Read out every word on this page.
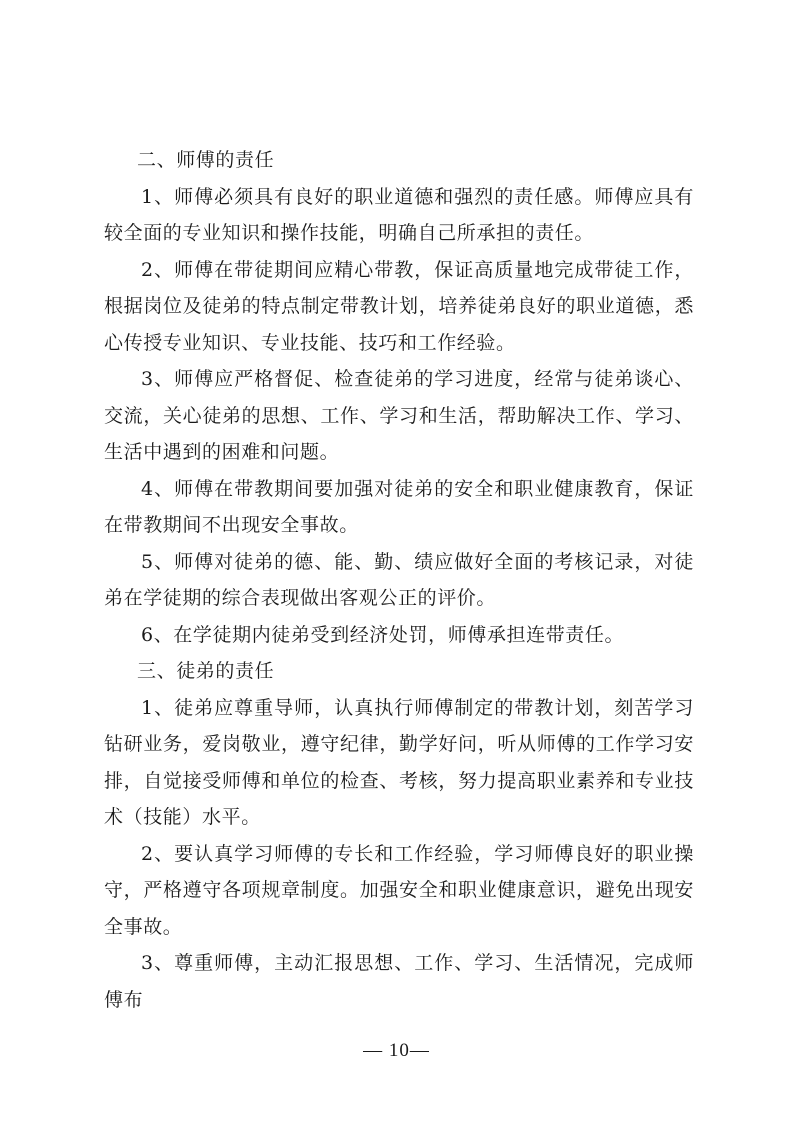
二、师傅的责任

1、师傅必须具有良好的职业道德和强烈的责任感。师傅应具有较全面的专业知识和操作技能，明确自己所承担的责任。

2、师傅在带徒期间应精心带教，保证高质量地完成带徒工作，根据岗位及徒弟的特点制定带教计划，培养徒弟良好的职业道德，悉心传授专业知识、专业技能、技巧和工作经验。

3、师傅应严格督促、检查徒弟的学习进度，经常与徒弟谈心、交流，关心徒弟的思想、工作、学习和生活，帮助解决工作、学习、生活中遇到的困难和问题。

4、师傅在带教期间要加强对徒弟的安全和职业健康教育，保证在带教期间不出现安全事故。

5、师傅对徒弟的德、能、勤、绩应做好全面的考核记录，对徒弟在学徒期的综合表现做出客观公正的评价。

6、在学徒期内徒弟受到经济处罚，师傅承担连带责任。

三、徒弟的责任

1、徒弟应尊重导师，认真执行师傅制定的带教计划，刻苦学习钻研业务，爱岗敬业，遵守纪律，勤学好问，听从师傅的工作学习安排，自觉接受师傅和单位的检查、考核，努力提高职业素养和专业技术（技能）水平。

2、要认真学习师傅的专长和工作经验，学习师傅良好的职业操守，严格遵守各项规章制度。加强安全和职业健康意识，避免出现安全事故。

3、尊重师傅，主动汇报思想、工作、学习、生活情况，完成师傅布

— 10—
